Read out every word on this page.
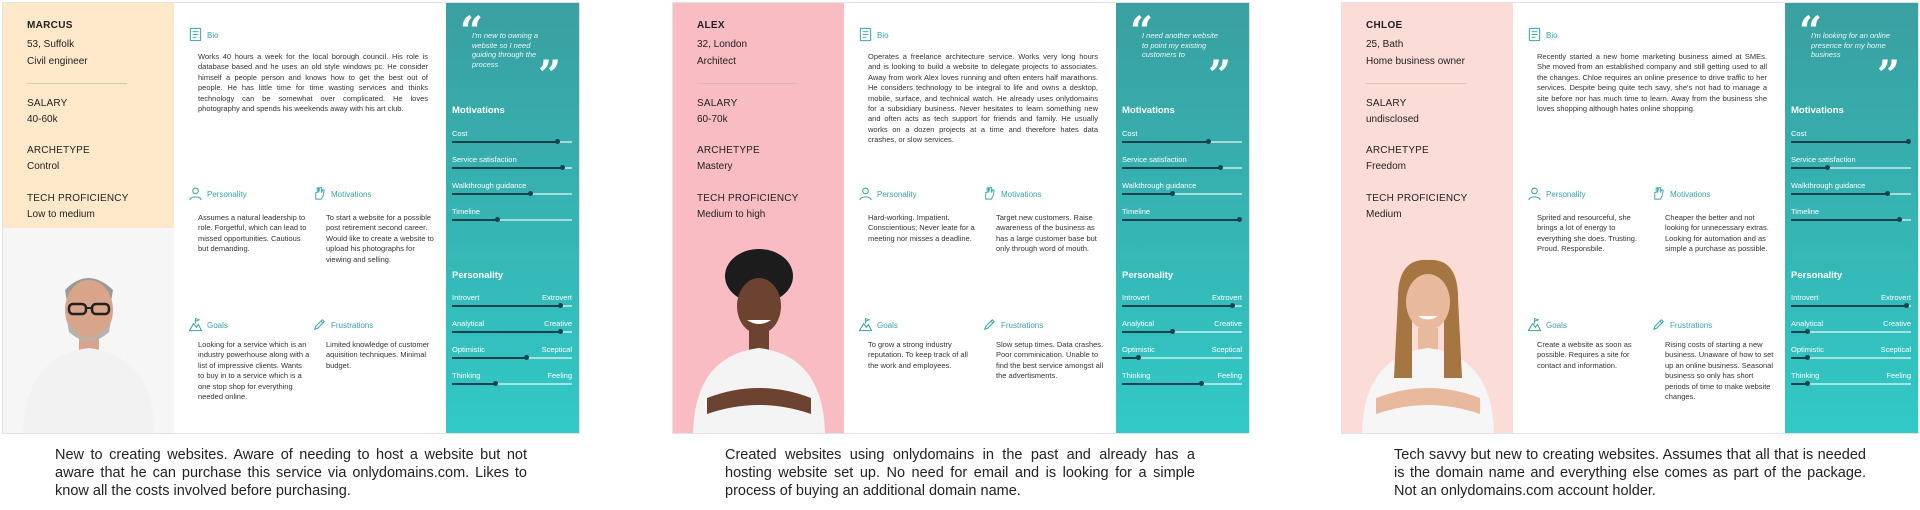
MARCUS
53, Suffolk
Civil engineer
SALARY
40-60k
ARCHETYPE
Control
TECH PROFICIENCY
Low to medium
Bio
Works 40 hours a week for the local borough council. His role is database based and he uses an old style windows pc. He consider himself a people person and knows how to get the best out of people. He has little time for time wasting services and thinks technology can be somewhat over complicated. He loves photography and spends his weekends away with his art club.
Personality
Assumes a natural leadership to role. Forgetful, which can lead to missed opportunities. Cautious but demanding.
Motivations
To start a website for a possible post retirement second career. Would like to create a website to upload his photographs for viewing and selling.
Goals
Looking for a service which is an industry powerhouse along with a list of impressive clients. Wants to buy in to a service which is a one stop shop for everything needed online.
Frustrations
Limited knowledge of customer aquisition techniques. Minimal budget.
“
I'm new to owning a website so I need guiding through the process ”
Motivations
Cost
Service satisfaction
Walkthrough guidance
Timeline
Personality
Introvert	Extrovert
Analytical	Creative
Optimistic	Sceptical
Thinking	Feeling
New to creating websites. Aware of needing to host a website but not aware that he can purchase this service via onlydomains.com. Likes to know all the costs involved before purchasing.
ALEX
32, London
Architect
SALARY
60-70k
ARCHETYPE
Mastery
TECH PROFICIENCY
Medium to high
Bio
Operates a freelance architecture service. Works very long hours and is looking to build a website to delegate projects to associates. Away from work Alex loves running and often enters half marathons. He considers technology to be integral to life and owns a desktop, mobile, surface, and technical watch. He already uses onlydomains for a subsidiary business. Never hesitates to learn something new and often acts as tech support for friends and family. He usually works on a dozen projects at a time and therefore hates data crashes, or slow services.
Personality
Hard-working. Impatient. Conscientious; Never leate for a meeting nor misses a deadline.
Motivations
Target new customers. Raise awareness of the business as has a large customer base but only through word of mouth.
Goals
To grow a strong industry reputation. To keep track of all the work and employees.
Frustrations
Slow setup times. Data crashes. Poor comminication. Unable to find the best service amongst all the advertisments.
“
I need another website to point my existing customers to ”
Motivations
Cost
Service satisfaction
Walkthrough guidance
Timeline
Personality
Introvert	Extrovert
Analytical	Creative
Optimistic	Sceptical
Thinking	Feeling
Created websites using onlydomains in the past and already has a hosting website set up. No need for email and is looking for a simple process of buying an additional domain name.
CHLOE
25, Bath
Home business owner
SALARY
undisclosed
ARCHETYPE
Freedom
TECH PROFICIENCY
Medium
Bio
Recently started a new home marketing business aimed at SMEs. She moved from an established company and still getting used to all the changes. Chloe requires an online presence to drive traffic to her services. Despite being quite tech savy, she's not had to manage a site before nor has much time to learn. Away from the business she loves shopping although hates online shopping.
Personality
Sprited and resourceful, she brings a lot of energy to everything she does. Trusting. Proud. Responsbile.
Motivations
Cheaper the better and not looking for unnecessary extras. Looking for automation and as simple a purchase as possible.
Goals
Create a website as soon as possible. Requires a site for contact and information.
Frustrations
Rising costs of starting a new business. Unaware of how to set up an online business. Seasonal business so only has short periods of time to make website changes.
“
I'm looking for an online presence for my home business ”
Motivations
Cost
Service satisfaction
Walkthrough guidance
Timeline
Personality
Introvert	Extrovert
Analytical	Creative
Optimistic	Sceptical
Thinking	Feeling
Tech savvy but new to creating websites. Assumes that all that is needed is the domain name and everything else comes as part of the package. Not an onlydomains.com account holder.
